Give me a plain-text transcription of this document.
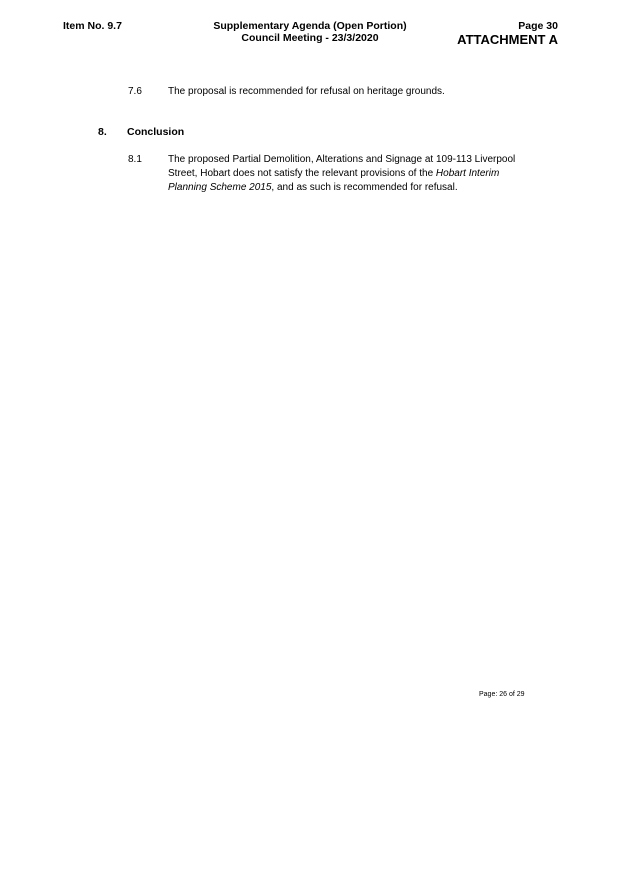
Item No. 9.7	Supplementary Agenda (Open Portion)
Council Meeting - 23/3/2020
Page 30
ATTACHMENT A
7.6	The proposal is recommended for refusal on heritage grounds.
8. Conclusion
8.1	The proposed Partial Demolition, Alterations and Signage at 109-113 Liverpool Street, Hobart does not satisfy the relevant provisions of the Hobart Interim Planning Scheme 2015, and as such is recommended for refusal.
Page: 26 of 29
